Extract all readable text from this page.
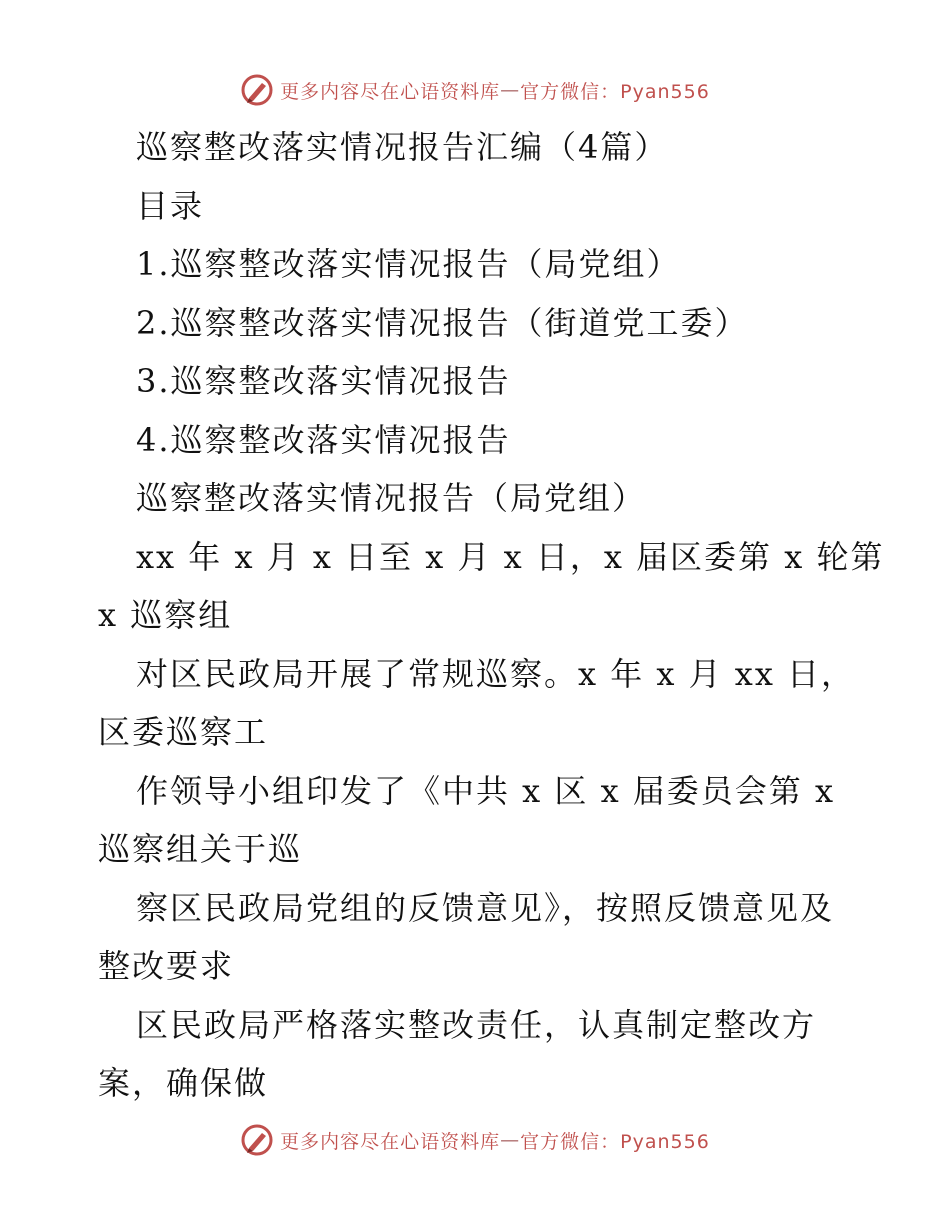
更多内容尽在心语资料库 — 官方微信：Pyan556
巡察整改落实情况报告汇编（4篇）
目录
1.巡察整改落实情况报告（局党组）
2.巡察整改落实情况报告（街道党工委）
3.巡察整改落实情况报告
4.巡察整改落实情况报告
巡察整改落实情况报告（局党组）
xx 年 x 月 x 日至 x 月 x 日，x 届区委第 x 轮第
x 巡察组
对区民政局开展了常规巡察。x 年 x 月 xx 日，
区委巡察工
作领导小组印发了《中共 x 区 x 届委员会第 x
巡察组关于巡
察区民政局党组的反馈意见》，按照反馈意见及
整改要求
区民政局严格落实整改责任，认真制定整改方
案，确保做
更多内容尽在心语资料库 — 官方微信：Pyan556
